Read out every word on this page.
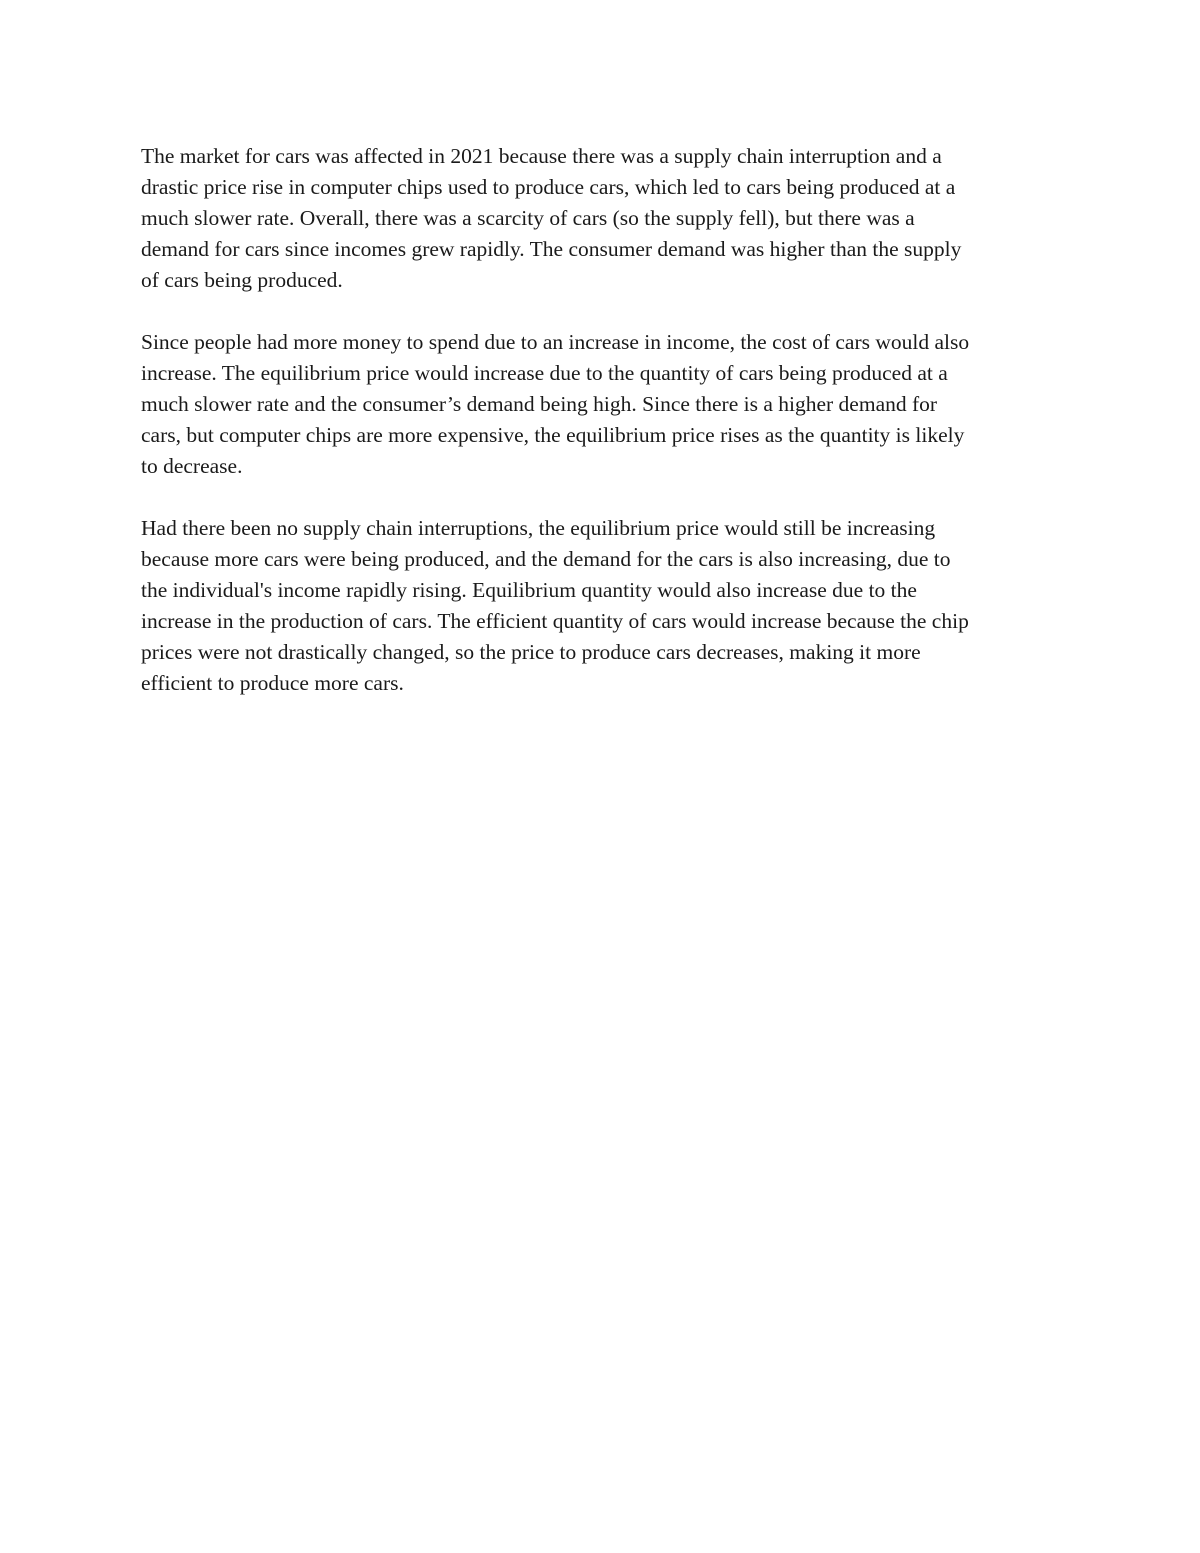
The market for cars was affected in 2021 because there was a supply chain interruption and a
drastic price rise in computer chips used to produce cars, which led to cars being produced at a
much slower rate. Overall, there was a scarcity of cars (so the supply fell), but there was a
demand for cars since incomes grew rapidly. The consumer demand was higher than the supply
of cars being produced.

Since people had more money to spend due to an increase in income, the cost of cars would also
increase. The equilibrium price would increase due to the quantity of cars being produced at a
much slower rate and the consumer’s demand being high. Since there is a higher demand for
cars, but computer chips are more expensive, the equilibrium price rises as the quantity is likely
to decrease.

Had there been no supply chain interruptions, the equilibrium price would still be increasing
because more cars were being produced, and the demand for the cars is also increasing, due to
the individual's income rapidly rising. Equilibrium quantity would also increase due to the
increase in the production of cars. The efficient quantity of cars would increase because the chip
prices were not drastically changed, so the price to produce cars decreases, making it more
efficient to produce more cars.
